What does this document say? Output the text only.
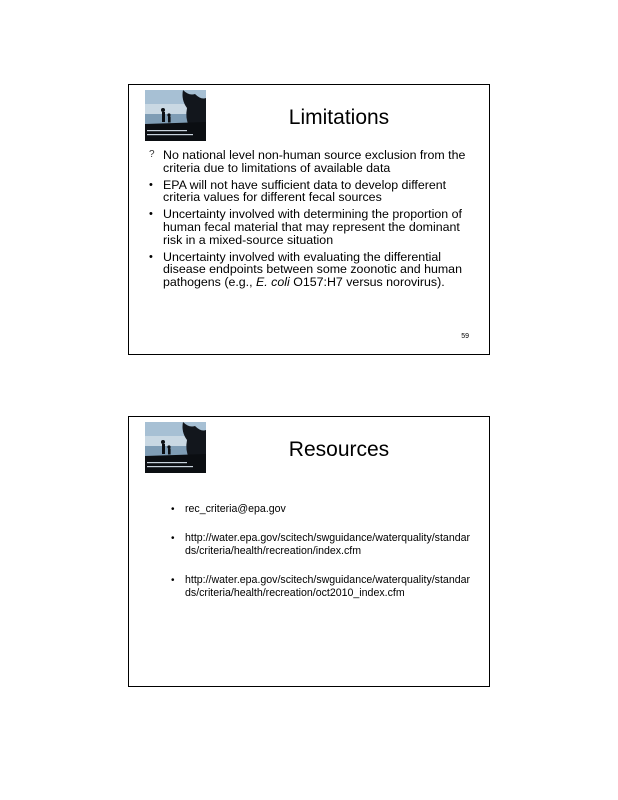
Limitations
? No national level non-human source exclusion from the criteria due to limitations of available data
• EPA will not have sufficient data to develop different criteria values for different fecal sources
• Uncertainty involved with determining the proportion of human fecal material that may represent the dominant risk in a mixed-source situation
• Uncertainty involved with evaluating the differential disease endpoints between some zoonotic and human pathogens (e.g., E. coli O157:H7 versus norovirus).
59
Resources
• rec_criteria@epa.gov
• http://water.epa.gov/scitech/swguidance/waterquality/standards/criteria/health/recreation/index.cfm
• http://water.epa.gov/scitech/swguidance/waterquality/standards/criteria/health/recreation/oct2010_index.cfm
